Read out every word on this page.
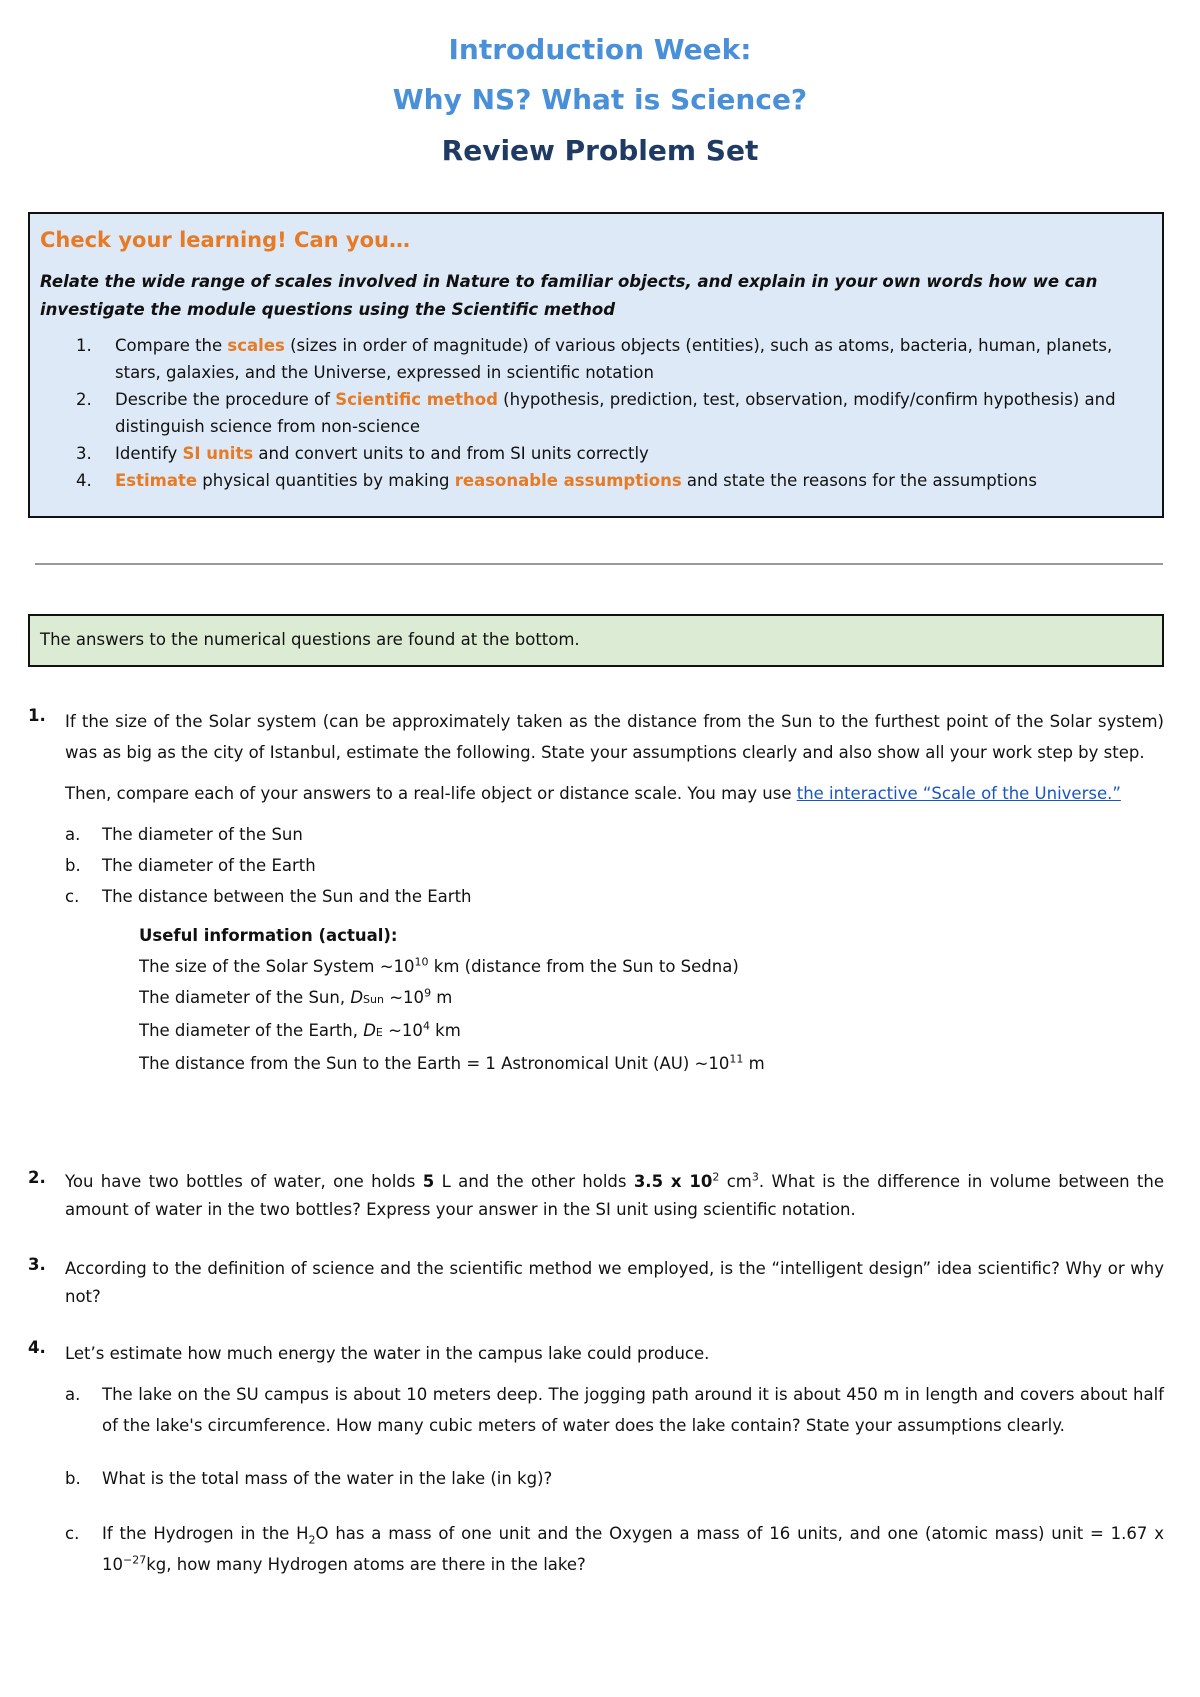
Introduction Week:
Why NS? What is Science?
Review Problem Set

Check your learning! Can you…

Relate the wide range of scales involved in Nature to familiar objects, and explain in your own words how we can investigate the module questions using the Scientific method

1. Compare the scales (sizes in order of magnitude) of various objects (entities), such as atoms, bacteria, human, planets, stars, galaxies, and the Universe, expressed in scientific notation
2. Describe the procedure of Scientific method (hypothesis, prediction, test, observation, modify/confirm hypothesis) and distinguish science from non-science
3. Identify SI units and convert units to and from SI units correctly
4. Estimate physical quantities by making reasonable assumptions and state the reasons for the assumptions
The answers to the numerical questions are found at the bottom.
1. If the size of the Solar system (can be approximately taken as the distance from the Sun to the furthest point of the Solar system) was as big as the city of Istanbul, estimate the following. State your assumptions clearly and also show all your work step by step.

Then, compare each of your answers to a real-life object or distance scale. You may use the interactive “Scale of the Universe.”

a. The diameter of the Sun

b. The diameter of the Earth

c. The distance between the Sun and the Earth

Useful information (actual):
The size of the Solar System $\sim 10^{10}$ km (distance from the Sun to Sedna)
The diameter of the Sun, DSun $\sim 10^9$ m
The diameter of the Earth, DE $\sim 10^4$ km
The distance from the Sun to the Earth = 1 Astronomical Unit (AU) $\sim 10^{11}$ m
2. You have two bottles of water, one holds 5 L and the other holds 3.5 x $10^2$ $cm^3$. What is the difference in volume between the amount of water in the two bottles? Express your answer in the SI unit using scientific notation.

3. According to the definition of science and the scientific method we employed, is the “intelligent design” idea scientific? Why or why not?

4. Let’s estimate how much energy the water in the campus lake could produce.

a. The lake on the SU campus is about 10 meters deep. The jogging path around it is about 450 m in length and covers about half of the lake's circumference. How many cubic meters of water does the lake contain? State your assumptions clearly.

b. What is the total mass of the water in the lake (in kg)?

c. If the Hydrogen in the $H_2O$ has a mass of one unit and the Oxygen a mass of 16 units, and one (atomic mass) unit = 1.67 x $10^{-27}kg$, how many Hydrogen atoms are there in the lake?
